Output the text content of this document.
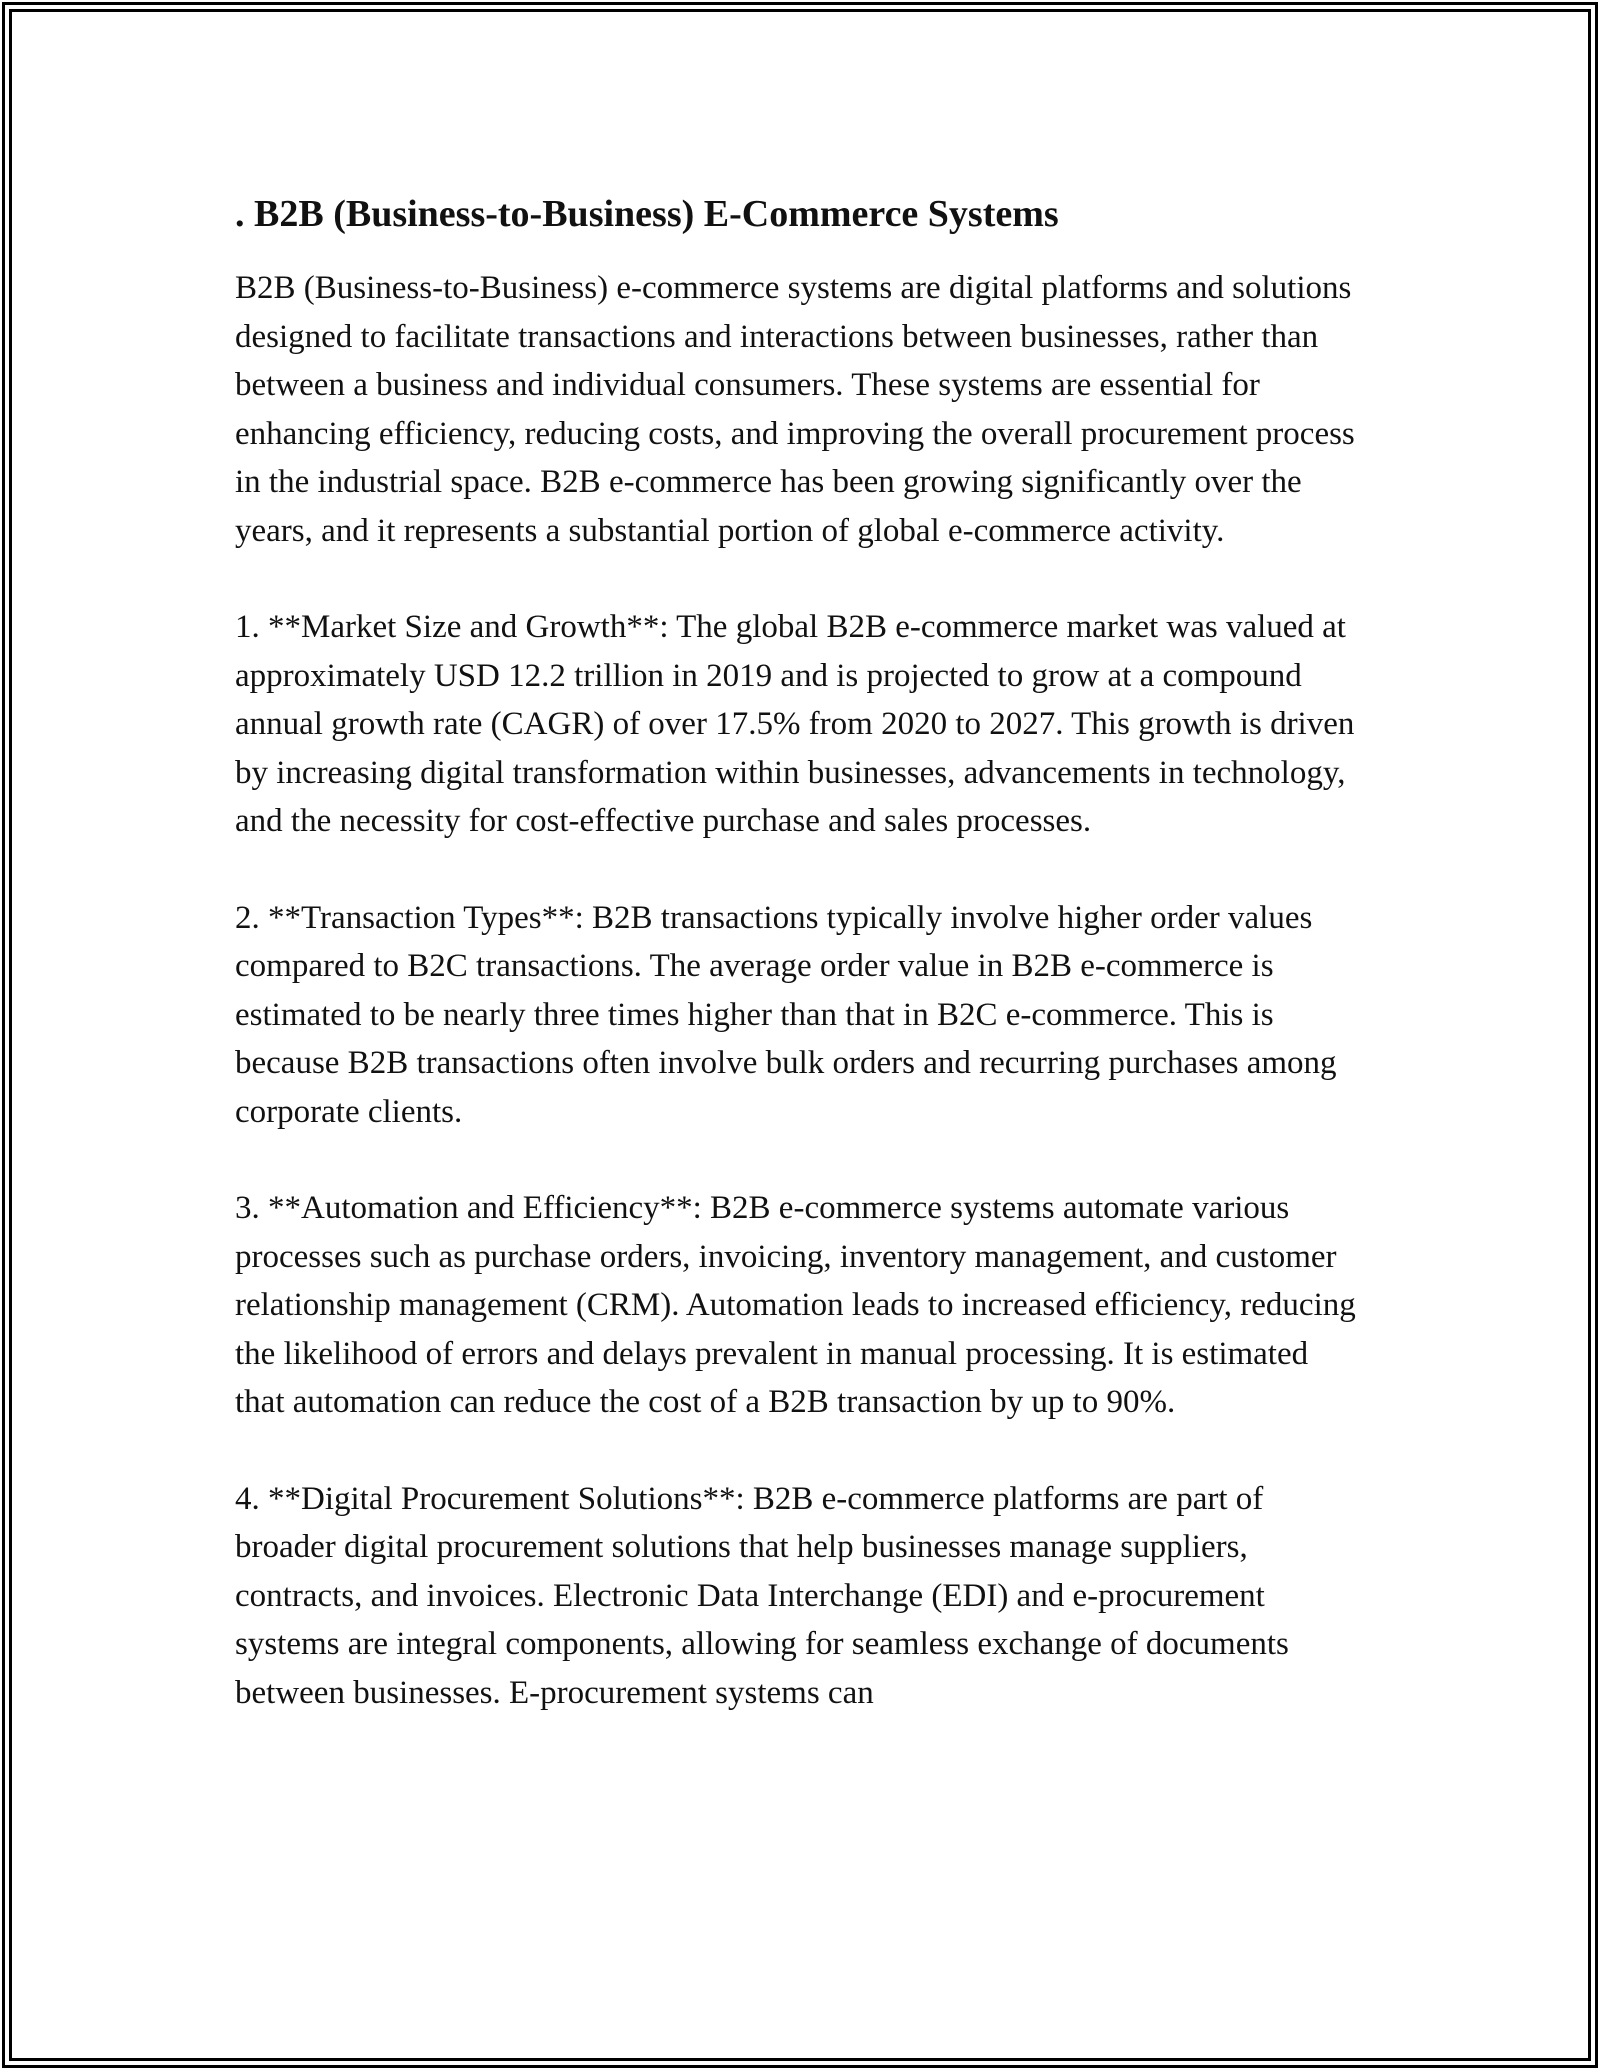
. B2B (Business-to-Business) E-Commerce Systems

B2B (Business-to-Business) e-commerce systems are digital platforms and solutions designed to facilitate transactions and interactions between businesses, rather than between a business and individual consumers. These systems are essential for enhancing efficiency, reducing costs, and improving the overall procurement process in the industrial space. B2B e-commerce has been growing significantly over the years, and it represents a substantial portion of global e-commerce activity.

1. **Market Size and Growth**: The global B2B e-commerce market was valued at approximately USD 12.2 trillion in 2019 and is projected to grow at a compound annual growth rate (CAGR) of over 17.5% from 2020 to 2027. This growth is driven by increasing digital transformation within businesses, advancements in technology, and the necessity for cost-effective purchase and sales processes.

2. **Transaction Types**: B2B transactions typically involve higher order values compared to B2C transactions. The average order value in B2B e-commerce is estimated to be nearly three times higher than that in B2C e-commerce. This is because B2B transactions often involve bulk orders and recurring purchases among corporate clients.

3. **Automation and Efficiency**: B2B e-commerce systems automate various processes such as purchase orders, invoicing, inventory management, and customer relationship management (CRM). Automation leads to increased efficiency, reducing the likelihood of errors and delays prevalent in manual processing. It is estimated that automation can reduce the cost of a B2B transaction by up to 90%.

4. **Digital Procurement Solutions**: B2B e-commerce platforms are part of broader digital procurement solutions that help businesses manage suppliers, contracts, and invoices. Electronic Data Interchange (EDI) and e-procurement systems are integral components, allowing for seamless exchange of documents between businesses. E-procurement systems can
